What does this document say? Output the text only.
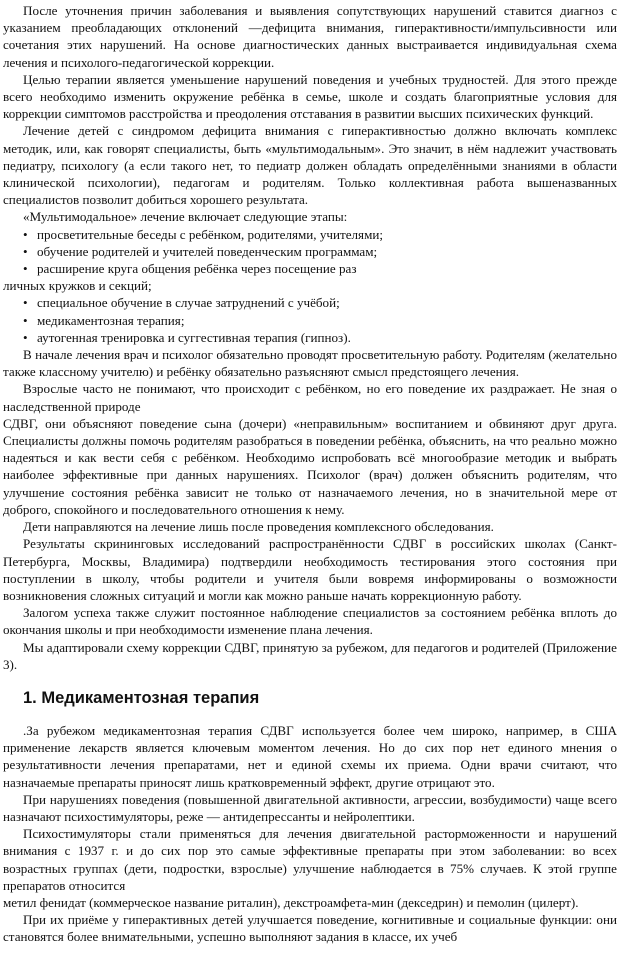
После уточнения причин заболевания и выявления сопутствующих нарушений ставится диагноз с указанием преобладающих отклонений —дефицита внимания, гиперактивности/импульсивности или сочетания этих нарушений. На основе диагностических данных выстраивается индивидуальная схема лечения и психолого-педагогической коррекции.

Целью терапии является уменьшение нарушений поведения и учебных трудностей. Для этого прежде всего необходимо изменить окружение ребёнка в семье, школе и создать благоприятные условия для коррекции симптомов расстройства и преодоления отставания в развитии высших психических функций.

Лечение детей с синдромом дефицита внимания с гиперактивностью должно включать комплекс методик, или, как говорят специалисты, быть «мультимодальным». Это значит, в нём надлежит участвовать педиатру, психологу (а если такого нет, то педиатр должен обладать определёнными знаниями в области клинической психологии), педагогам и родителям. Только коллективная работа вышеназванных специалистов позволит добиться хорошего результата.

«Мультимодальное» лечение включает следующие этапы:

• просветительные беседы с ребёнком, родителями, учителями;
• обучение родителей и учителей поведенческим программам;
• расширение круга общения ребёнка через посещение раз
личных кружков и секций;
• специальное обучение в случае затруднений с учёбой;
• медикаментозная терапия;
• аутогенная тренировка и суггестивная терапия (гипноз).

В начале лечения врач и психолог обязательно проводят просветительную работу. Родителям (желательно также классному учителю) и ребёнку обязательно разъясняют смысл предстоящего лечения.

Взрослые часто не понимают, что происходит с ребёнком, но его поведение их раздражает. Не зная о наследственной природе

СДВГ, они объясняют поведение сына (дочери) «неправильным» воспитанием и обвиняют друг друга. Специалисты должны помочь родителям разобраться в поведении ребёнка, объяснить, на что реально можно надеяться и как вести себя с ребёнком. Необходимо испробовать всё многообразие методик и выбрать наиболее эффективные при данных нарушениях. Психолог (врач) должен объяснить родителям, что улучшение состояния ребёнка зависит не только от назначаемого лечения, но в значительной мере от доброго, спокойного и последовательного отношения к нему.

Дети направляются на лечение лишь после проведения комплексного обследования.

Результаты скрининговых исследований распространённости СДВГ в российских школах (Санкт-Петербурга, Москвы, Владимира) подтвердили необходимость тестирования этого состояния при поступлении в школу, чтобы родители и учителя были вовремя информированы о возможности возникновения сложных ситуаций и могли как можно раньше начать коррекционную работу.

Залогом успеха также служит постоянное наблюдение специалистов за состоянием ребёнка вплоть до окончания школы и при необходимости изменение плана лечения.

Мы адаптировали схему коррекции СДВГ, принятую за рубежом, для педагогов и родителей (Приложение 3).

1. Медикаментозная терапия

.За рубежом медикаментозная терапия СДВГ используется более чем широко, например, в США применение лекарств является ключевым моментом лечения. Но до сих пор нет единого мнения о результативности лечения препаратами, нет и единой схемы их приема. Одни врачи считают, что назначаемые препараты приносят лишь кратковременный эффект, другие отрицают это.

При нарушениях поведения (повышенной двигательной активности, агрессии, возбудимости) чаще всего назначают психостимуляторы, реже — антидепрессанты и нейролептики.

Психостимуляторы стали применяться для лечения двигательной расторможенности и нарушений внимания с 1937 г. и до сих пор это самые эффективные препараты при этом заболевании: во всех возрастных группах (дети, подростки, взрослые) улучшение наблюдается в 75% случаев. К этой группе препаратов относится

метил фенидат (коммерческое название риталин), декстроамфета-мин (декседрин) и пемолин (цилерт).

При их приёме у гиперактивных детей улучшается поведение, когнитивные и социальные функции: они становятся более внимательными, успешно выполняют задания в классе, их учеб
